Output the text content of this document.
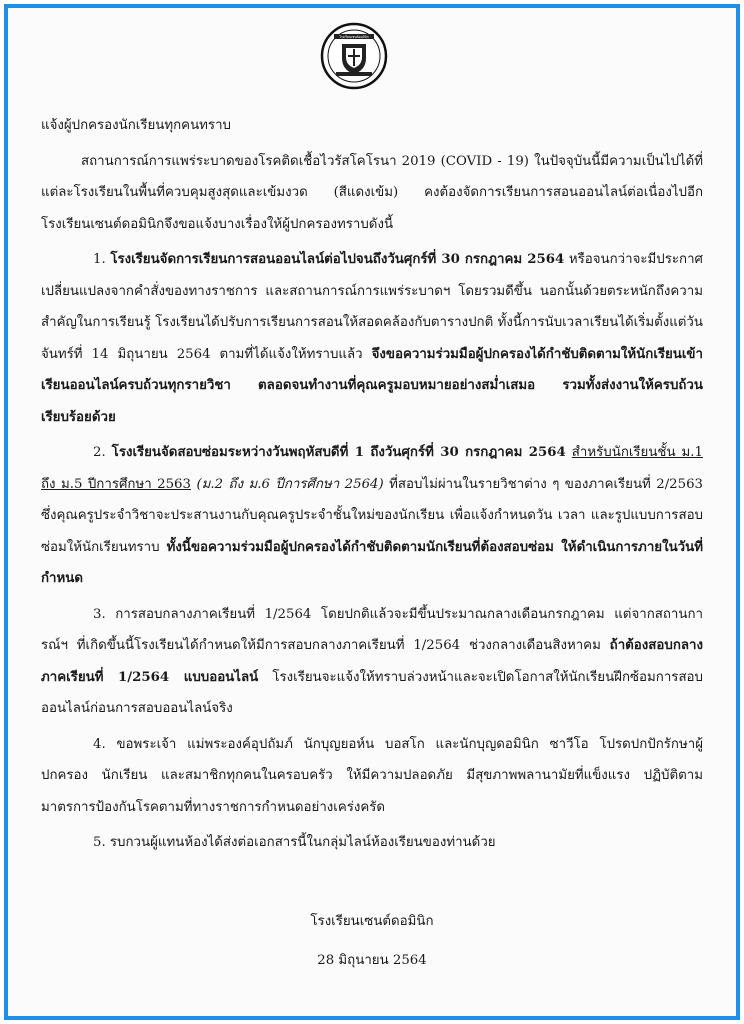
โรงเรียนเซนต์ดอมินิก

แจ้งผู้ปกครองนักเรียนทุกคนทราบ

สถานการณ์การแพร่ระบาดของโรคติดเชื้อไวรัสโคโรนา 2019 (COVID - 19) ในปัจจุบันนี้มีความเป็นไปได้ที่แต่ละโรงเรียนในพื้นที่ควบคุมสูงสุดและเข้มงวด (สีแดงเข้ม) คงต้องจัดการเรียนการสอนออนไลน์ต่อเนื่องไปอีก โรงเรียนเซนต์ดอมินิกจึงขอแจ้งบางเรื่องให้ผู้ปกครองทราบดังนี้

1. โรงเรียนจัดการเรียนการสอนออนไลน์ต่อไปจนถึงวันศุกร์ที่ 30 กรกฎาคม 2564 หรือจนกว่าจะมีประกาศเปลี่ยนแปลงจากคำสั่งของทางราชการ และสถานการณ์การแพร่ระบาดฯ โดยรวมดีขึ้น นอกนั้นด้วยตระหนักถึงความสำคัญในการเรียนรู้ โรงเรียนได้ปรับการเรียนการสอนให้สอดคล้องกับตารางปกติ ทั้งนี้การนับเวลาเรียนได้เริ่มตั้งแต่วันจันทร์ที่ 14 มิถุนายน 2564 ตามที่ได้แจ้งให้ทราบแล้ว จึงขอความร่วมมือผู้ปกครองได้กำชับติดตามให้นักเรียนเข้าเรียนออนไลน์ครบถ้วนทุกรายวิชา ตลอดจนทำงานที่คุณครูมอบหมายอย่างสม่ำเสมอ รวมทั้งส่งงานให้ครบถ้วนเรียบร้อยด้วย

2. โรงเรียนจัดสอบซ่อมระหว่างวันพฤหัสบดีที่ 1 ถึงวันศุกร์ที่ 30 กรกฎาคม 2564 สำหรับนักเรียนชั้น ม.1 ถึง ม.5 ปีการศึกษา 2563 (ม.2 ถึง ม.6 ปีการศึกษา 2564) ที่สอบไม่ผ่านในรายวิชาต่าง ๆ ของภาคเรียนที่ 2/2563 ซึ่งคุณครูประจำวิชาจะประสานงานกับคุณครูประจำชั้นใหม่ของนักเรียน เพื่อแจ้งกำหนดวัน เวลา และรูปแบบการสอบซ่อมให้นักเรียนทราบ ทั้งนี้ขอความร่วมมือผู้ปกครองได้กำชับติดตามนักเรียนที่ต้องสอบซ่อม ให้ดำเนินการภายในวันที่กำหนด

3. การสอบกลางภาคเรียนที่ 1/2564 โดยปกติแล้วจะมีขึ้นประมาณกลางเดือนกรกฎาคม แต่จากสถานการณ์ฯ ที่เกิดขึ้นนี้โรงเรียนได้กำหนดให้มีการสอบกลางภาคเรียนที่ 1/2564 ช่วงกลางเดือนสิงหาคม ถ้าต้องสอบกลางภาคเรียนที่ 1/2564 แบบออนไลน์ โรงเรียนจะแจ้งให้ทราบล่วงหน้าและจะเปิดโอกาสให้นักเรียนฝึกซ้อมการสอบออนไลน์ก่อนการสอบออนไลน์จริง

4. ขอพระเจ้า แม่พระองค์อุปถัมภ์ นักบุญยอห์น บอสโก และนักบุญดอมินิก ซาวีโอ โปรดปกปักรักษาผู้ปกครอง นักเรียน และสมาชิกทุกคนในครอบครัว ให้มีความปลอดภัย มีสุขภาพพลานามัยที่แข็งแรง ปฏิบัติตามมาตรการป้องกันโรคตามที่ทางราชการกำหนดอย่างเคร่งครัด

5. รบกวนผู้แทนห้องได้ส่งต่อเอกสารนี้ในกลุ่มไลน์ห้องเรียนของท่านด้วย

โรงเรียนเซนต์ดอมินิก
28 มิถุนายน 2564
